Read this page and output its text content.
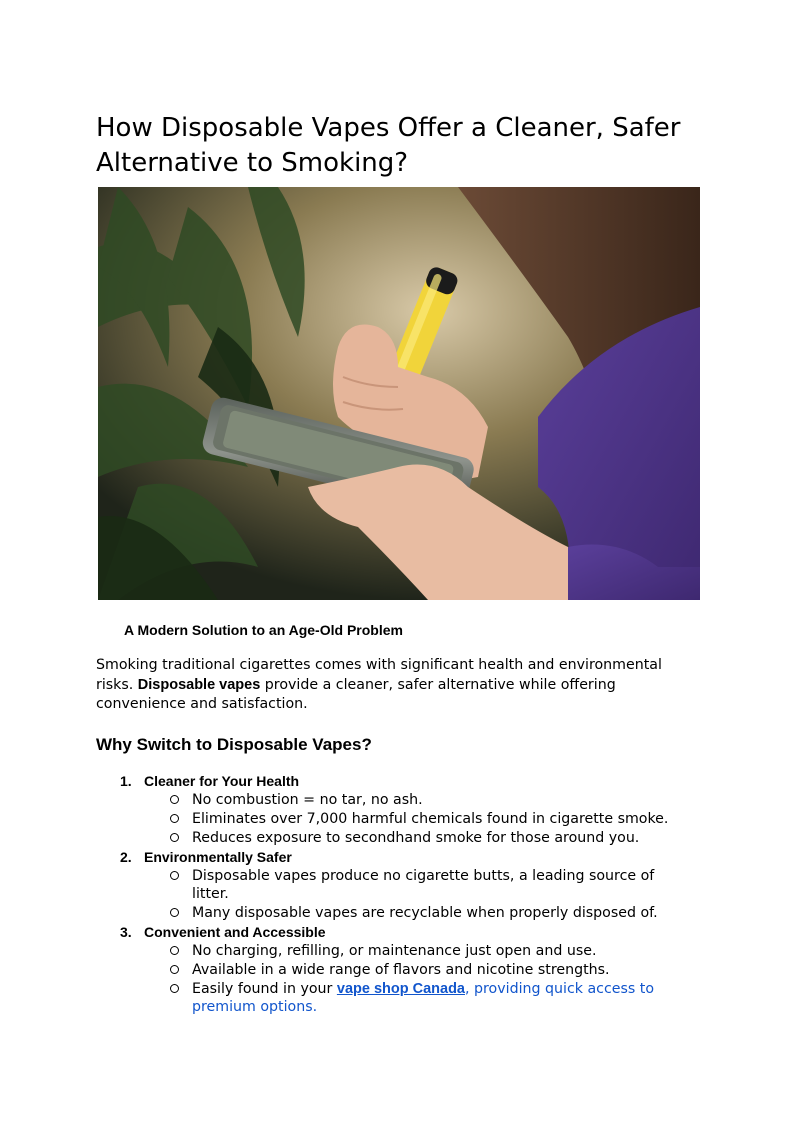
How Disposable Vapes Offer a Cleaner, Safer Alternative to Smoking?
A Modern Solution to an Age-Old Problem

Smoking traditional cigarettes comes with significant health and environmental risks. Disposable vapes provide a cleaner, safer alternative while offering convenience and satisfaction.

Why Switch to Disposable Vapes?
1. Cleaner for Your Health
No combustion = no tar, no ash.
Eliminates over 7,000 harmful chemicals found in cigarette smoke.
Reduces exposure to secondhand smoke for those around you.
2. Environmentally Safer
Disposable vapes produce no cigarette butts, a leading source of litter.
Many disposable vapes are recyclable when properly disposed of.
3. Convenient and Accessible
No charging, refilling, or maintenance just open and use.
Available in a wide range of flavors and nicotine strengths.
Easily found in your vape shop Canada, providing quick access to premium options.
